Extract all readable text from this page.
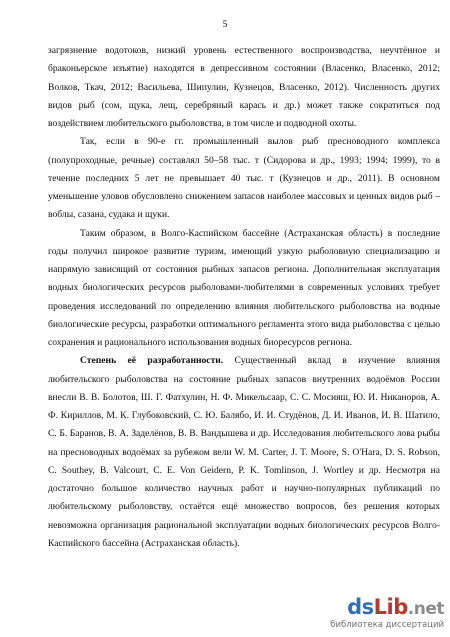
5

загрязнение водотоков, низкий уровень естественного воспроизводства, неучтённое и браконьерское изъятие) находятся в депрессивном состоянии (Власенко, Власенко, 2012; Волков, Ткач, 2012; Васильева, Шипулин, Кузнецов, Власенко, 2012). Численность других видов рыб (сом, щука, лещ, серебряный карась и др.) может также сократиться под воздействием любительского рыболовства, в том числе и подводной охоты.

Так, если в 90-е гг. промышленный вылов рыб пресноводного комплекса (полупроходные, речные) составлял 50–58 тыс. т (Сидорова и др., 1993; 1994; 1999), то в течение последних 5 лет не превышает 40 тыс. т (Кузнецов и др., 2011). В основном уменьшение уловов обусловлено снижением запасов наиболее массовых и ценных видов рыб – воблы, сазана, судака и щуки.

Таким образом, в Волго-Каспийском бассейне (Астраханская область) в последние годы получил широкое развитие туризм, имеющий узкую рыболовную специализацию и напрямую зависящий от состояния рыбных запасов региона. Дополнительная эксплуатация водных биологических ресурсов рыболовами-любителями в современных условиях требует проведения исследований по определению влияния любительского рыболовства на водные биологические ресурсы, разработки оптимального регламента этого вида рыболовства с целью сохранения и рационального использования водных биоресурсов региона.

Степень её разработанности. Существенный вклад в изучение влияния любительского рыболовства на состояние рыбных запасов внутренних водоёмов России внесли В. В. Болотов, Ш. Г. Фатхулин, Н. Ф. Микельсаар, С. С. Мосияш, Ю. И. Никаноров, А. Ф. Кириллов, М. К. Глубоковский, С. Ю. Балябо, И. И. Студёнов, Д. И. Иванов, И. В. Шатило, С. Б. Баранов, В. А. Заделёнов, В. В. Вандышева и др. Исследования любительского лова рыбы на пресноводных водоёмах за рубежом вели W. M. Carter, J. T. Moore, S. O'Hara, D. S. Robson, C. Southey, B. Valcourt, C. E. Von Geidern, P. K. Tomlinson, J. Wortley и др. Несмотря на достаточно большое количество научных работ и научно-популярных публикаций по любительскому рыболовству, остаётся ещё множество вопросов, без решения которых невозможна организация рациональной эксплуатации водных биологических ресурсов Волго-Каспийского бассейна (Астраханская область).

dsLib.net
библиотека диссертаций
